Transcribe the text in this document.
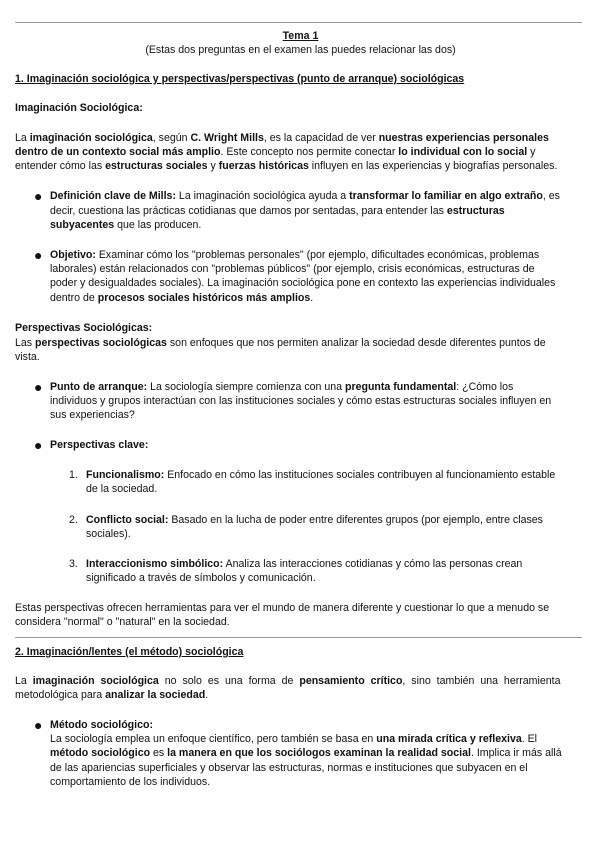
Tema 1
(Estas dos preguntas en el examen las puedes relacionar las dos)
1. Imaginación sociológica y perspectivas/perspectivas (punto de arranque) sociológicas
Imaginación Sociológica:
La imaginación sociológica, según C. Wright Mills, es la capacidad de ver nuestras experiencias personales
dentro de un contexto social más amplio. Este concepto nos permite conectar lo individual con lo social y
entender cómo las estructuras sociales y fuerzas históricas influyen en las experiencias y biografías personales.
● Definición clave de Mills: La imaginación sociológica ayuda a transformar lo familiar en algo extraño, es
decir, cuestiona las prácticas cotidianas que damos por sentadas, para entender las estructuras
subyacentes que las producen.
● Objetivo: Examinar cómo los "problemas personales" (por ejemplo, dificultades económicas, problemas
laborales) están relacionados con "problemas públicos" (por ejemplo, crisis económicas, estructuras de
poder y desigualdades sociales). La imaginación sociológica pone en contexto las experiencias individuales
dentro de procesos sociales históricos más amplios.
Perspectivas Sociológicas:
Las perspectivas sociológicas son enfoques que nos permiten analizar la sociedad desde diferentes puntos de
vista.
● Punto de arranque: La sociología siempre comienza con una pregunta fundamental: ¿Cómo los
individuos y grupos interactúan con las instituciones sociales y cómo estas estructuras sociales influyen en
sus experiencias?
● Perspectivas clave:
1. Funcionalismo: Enfocado en cómo las instituciones sociales contribuyen al funcionamiento estable
de la sociedad.
2. Conflicto social: Basado en la lucha de poder entre diferentes grupos (por ejemplo, entre clases
sociales).
3. Interaccionismo simbólico: Analiza las interacciones cotidianas y cómo las personas crean
significado a través de símbolos y comunicación.
Estas perspectivas ofrecen herramientas para ver el mundo de manera diferente y cuestionar lo que a menudo se
considera "normal" o "natural" en la sociedad.
2. Imaginación/lentes (el método) sociológica
La imaginación sociológica no solo es una forma de pensamiento crítico, sino también una herramienta
metodológica para analizar la sociedad.
● Método sociológico:
La sociología emplea un enfoque científico, pero también se basa en una mirada crítica y reflexiva. El
método sociológico es la manera en que los sociólogos examinan la realidad social. Implica ir más allá
de las apariencias superficiales y observar las estructuras, normas e instituciones que subyacen en el
comportamiento de los individuos.
